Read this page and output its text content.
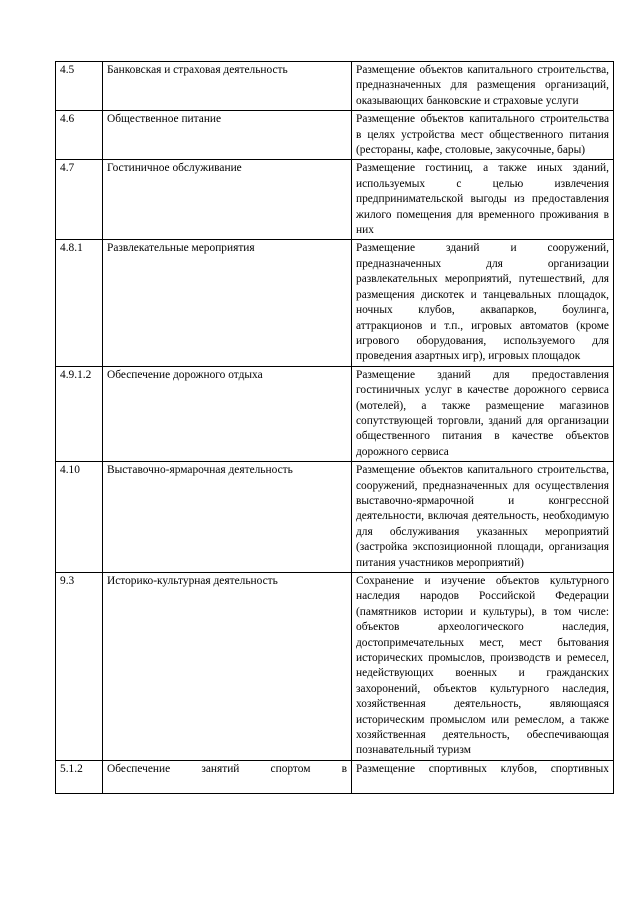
4.5	Банковская и страховая деятельность	Размещение объектов капитального строительства, предназначенных для размещения организаций, оказывающих банковские и страховые услуги
4.6	Общественное питание	Размещение объектов капитального строительства в целях устройства мест общественного питания (рестораны, кафе, столовые, закусочные, бары)
4.7	Гостиничное обслуживание	Размещение гостиниц, а также иных зданий, используемых с целью извлечения предпринимательской выгоды из предоставления жилого помещения для временного проживания в них
4.8.1	Развлекательные мероприятия	Размещение зданий и сооружений, предназначенных для организации развлекательных мероприятий, путешествий, для размещения дискотек и танцевальных площадок, ночных клубов, аквапарков, боулинга, аттракционов и т.п., игровых автоматов (кроме игрового оборудования, используемого для проведения азартных игр), игровых площадок
4.9.1.2	Обеспечение дорожного отдыха	Размещение зданий для предоставления гостиничных услуг в качестве дорожного сервиса (мотелей), а также размещение магазинов сопутствующей торговли, зданий для организации общественного питания в качестве объектов дорожного сервиса
4.10	Выставочно-ярмарочная деятельность	Размещение объектов капитального строительства, сооружений, предназначенных для осуществления выставочно-ярмарочной и конгрессной деятельности, включая деятельность, необходимую для обслуживания указанных мероприятий (застройка экспозиционной площади, организация питания участников мероприятий)
9.3	Историко-культурная деятельность	Сохранение и изучение объектов культурного наследия народов Российской Федерации (памятников истории и культуры), в том числе: объектов археологического наследия, достопримечательных мест, мест бытования исторических промыслов, производств и ремесел, недействующих военных и гражданских захоронений, объектов культурного наследия, хозяйственная деятельность, являющаяся историческим промыслом или ремеслом, а также хозяйственная деятельность, обеспечивающая познавательный туризм
5.1.2	Обеспечение занятий спортом в	Размещение спортивных клубов, спортивных
